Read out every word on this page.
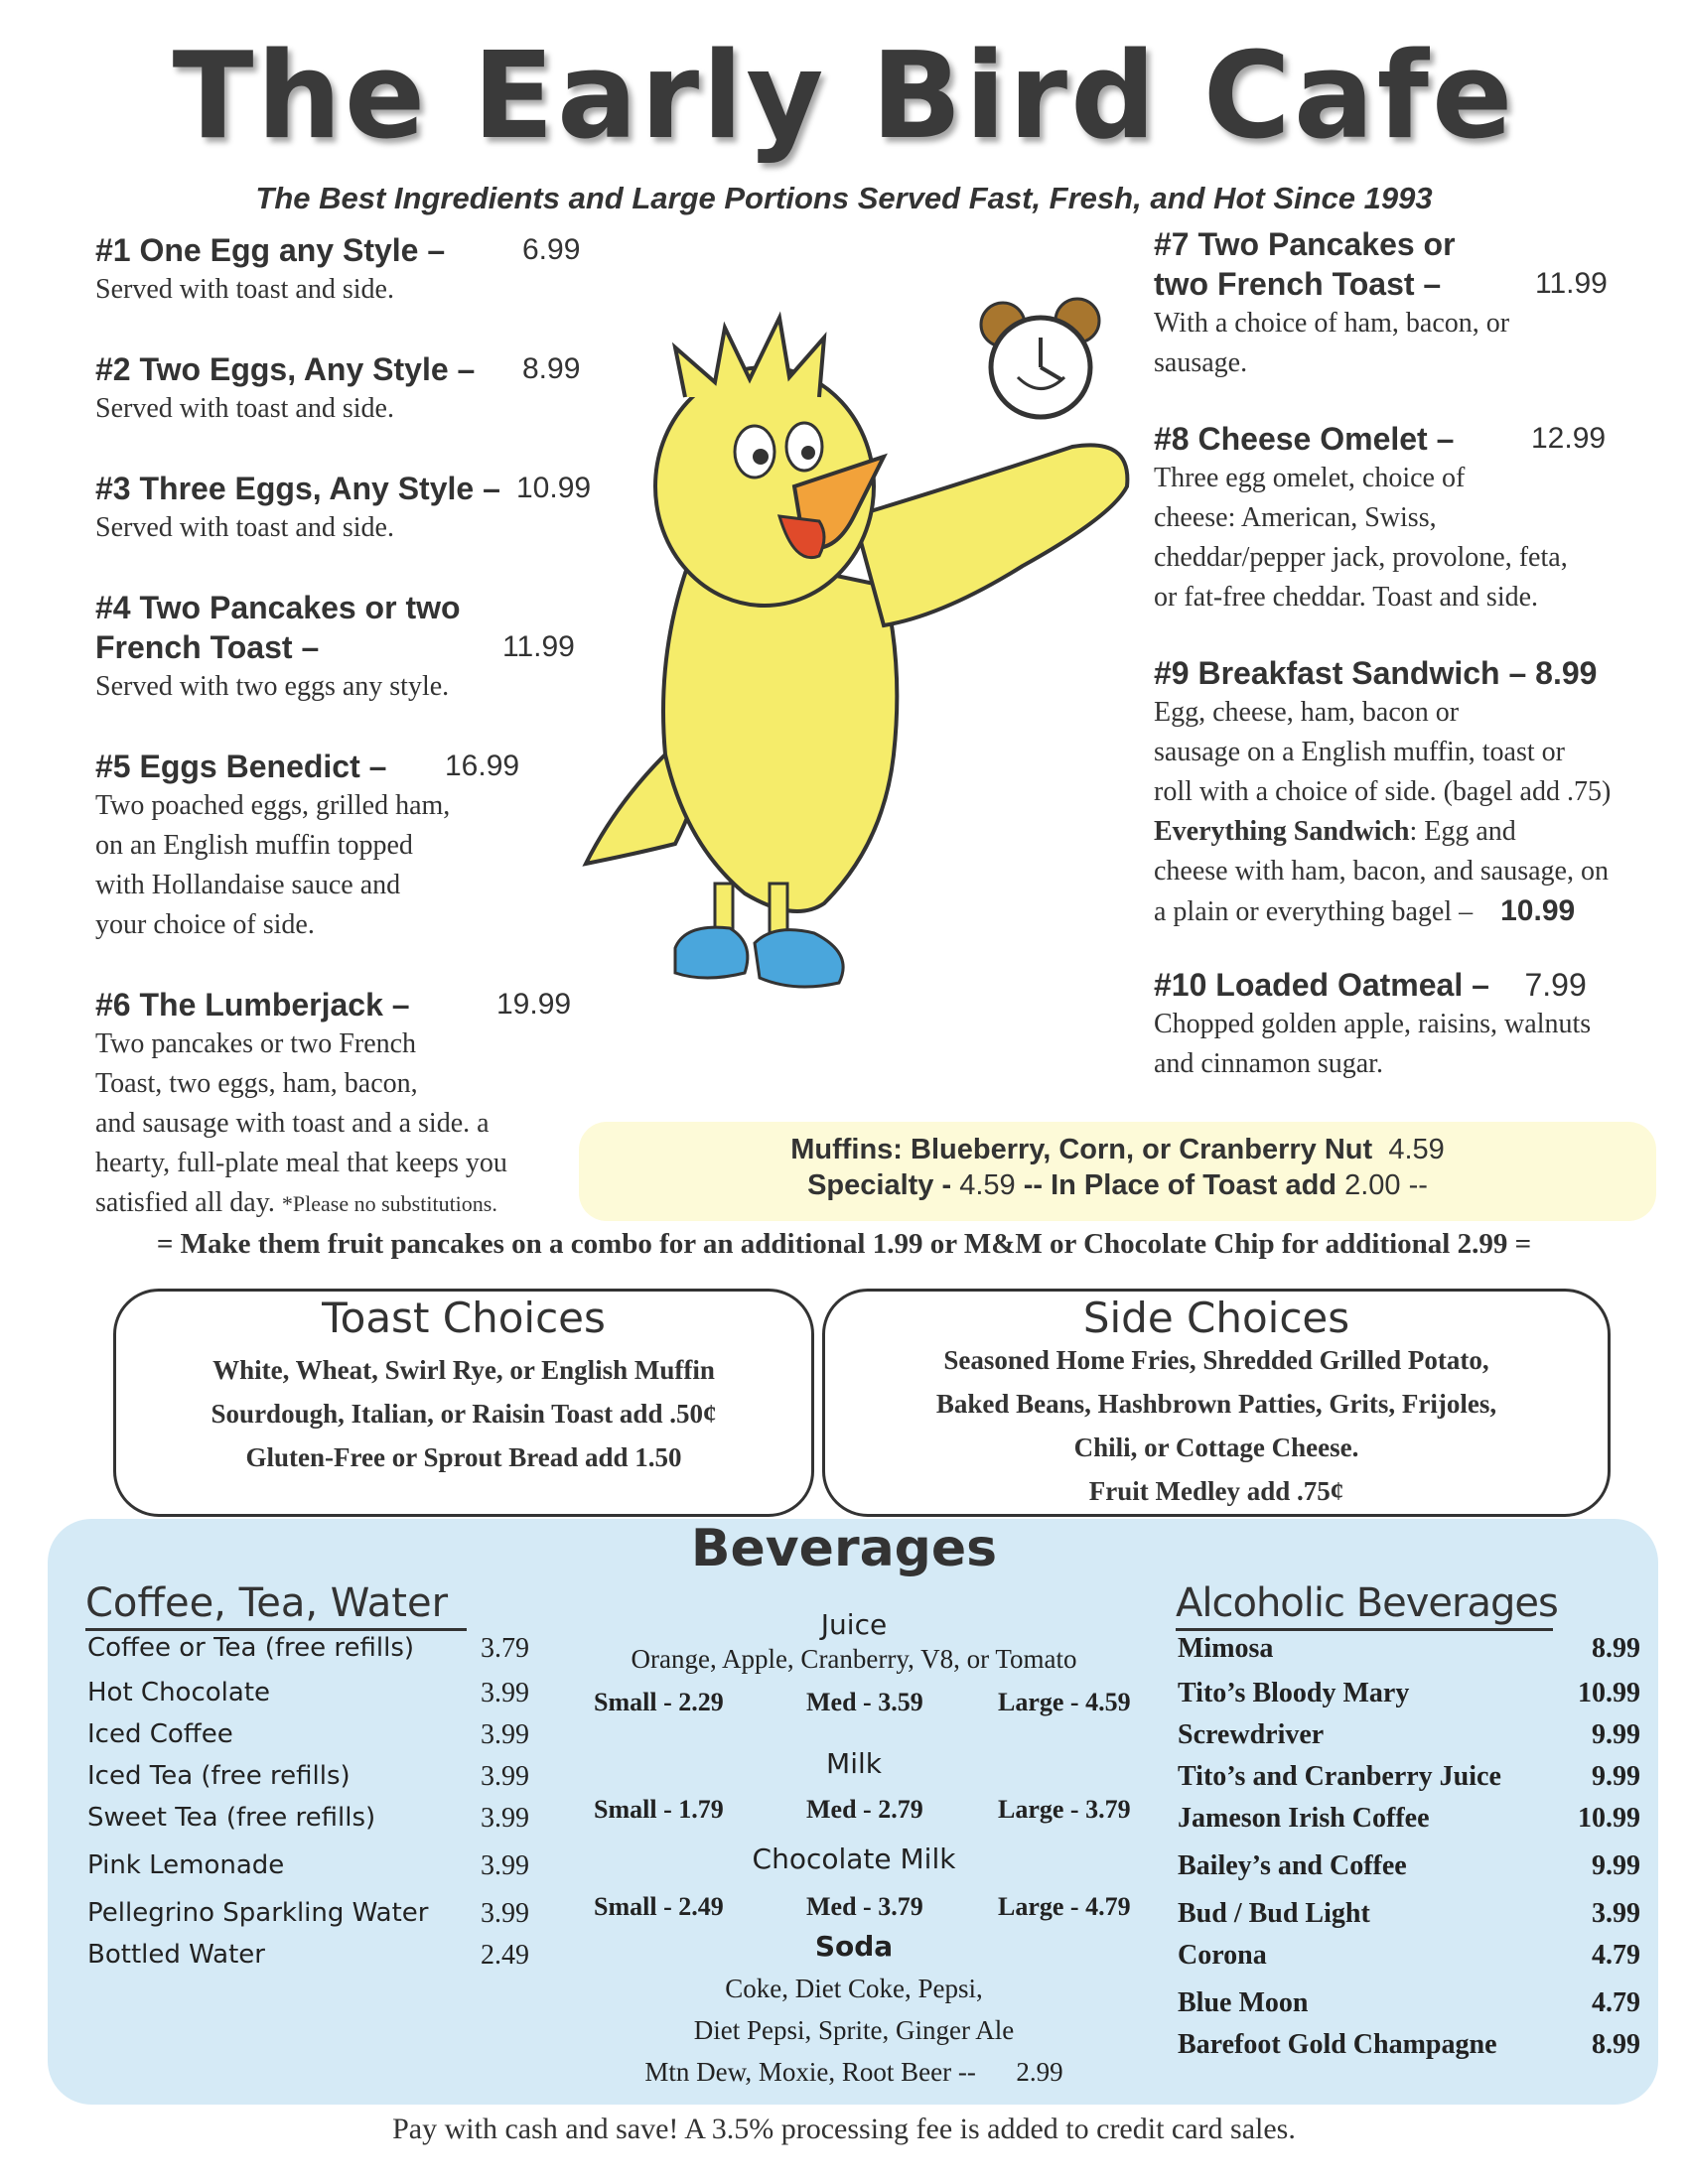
The Early Bird Cafe
The Best Ingredients and Large Portions Served Fast, Fresh, and Hot Since 1993
#1 One Egg any Style –	6.99
Served with toast and side.
#2 Two Eggs, Any Style – 8.99
Served with toast and side.
#3 Three Eggs, Any Style – 10.99
Served with toast and side.
#4 Two Pancakes or two
French Toast –	11.99
Served with two eggs any style.
#5 Eggs Benedict –	16.99
Two poached eggs, grilled ham,
on an English muffin topped
with Hollandaise sauce and
your choice of side.
#6 The Lumberjack –	19.99
Two pancakes or two French
Toast, two eggs, ham, bacon,
and sausage with toast and a side. a
hearty, full-plate meal that keeps you
satisfied all day. *Please no substitutions.
#7 Two Pancakes or
two French Toast –	11.99
With a choice of ham, bacon, or
sausage.
#8 Cheese Omelet –	12.99
Three egg omelet, choice of
cheese: American, Swiss,
cheddar/pepper jack, provolone, feta,
or fat-free cheddar. Toast and side.
#9 Breakfast Sandwich – 8.99
Egg, cheese, ham, bacon or
sausage on a English muffin, toast or
roll with a choice of side. (bagel add .75)
Everything Sandwich: Egg and
cheese with ham, bacon, and sausage, on
a plain or everything bagel – 10.99
#10 Loaded Oatmeal – 7.99
Chopped golden apple, raisins, walnuts
and cinnamon sugar.
Muffins: Blueberry, Corn, or Cranberry Nut 4.59
Specialty - 4.59 -- In Place of Toast add 2.00 --
= Make them fruit pancakes on a combo for an additional 1.99 or M&M or Chocolate Chip for additional 2.99 =
Toast Choices
White, Wheat, Swirl Rye, or English Muffin
Sourdough, Italian, or Raisin Toast add .50¢
Gluten-Free or Sprout Bread add 1.50
Side Choices
Seasoned Home Fries, Shredded Grilled Potato,
Baked Beans, Hashbrown Patties, Grits, Frijoles,
Chili, or Cottage Cheese.
Fruit Medley add .75¢
Beverages
Coffee, Tea, Water
Coffee or Tea (free refills) 3.79
Hot Chocolate	3.99
Iced Coffee	3.99
Iced Tea (free refills)	3.99
Sweet Tea (free refills)	3.99
Pink Lemonade	3.99
Pellegrino Sparkling Water 3.99
Bottled Water	2.49
Juice
Orange, Apple, Cranberry, V8, or Tomato
Small - 2.29	Med - 3.59	Large - 4.59
Milk
Small - 1.79	Med - 2.79	Large - 3.79
Chocolate Milk
Small - 2.49	Med - 3.79	Large - 4.79
Soda
Coke, Diet Coke, Pepsi,
Diet Pepsi, Sprite, Ginger Ale
Mtn Dew, Moxie, Root Beer -- 2.99
Alcoholic Beverages
Mimosa	8.99
Tito’s Bloody Mary	10.99
Screwdriver	9.99
Tito’s and Cranberry Juice	9.99
Jameson Irish Coffee	10.99
Bailey’s and Coffee	9.99
Bud / Bud Light	3.99
Corona	4.79
Blue Moon	4.79
Barefoot Gold Champagne	8.99
Pay with cash and save! A 3.5% processing fee is added to credit card sales.
